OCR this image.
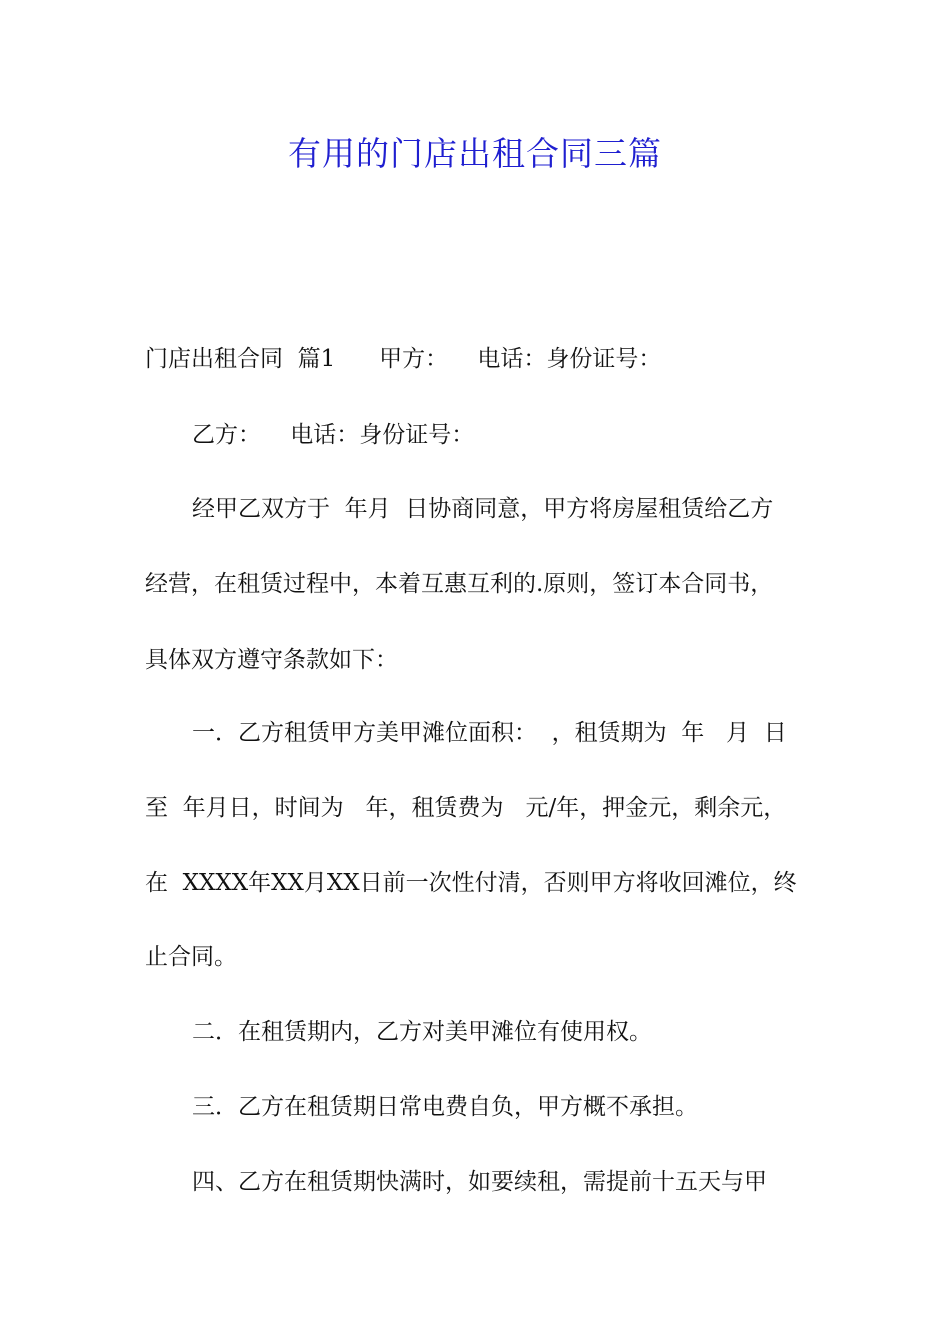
有用的门店出租合同三篇
门店出租合同  篇1      甲方：    电话：身份证号：
乙方：    电话：身份证号：
经甲乙双方于  年月  日协商同意，甲方将房屋租赁给乙方
经营，在租赁过程中，本着互惠互利的.原则，签订本合同书，
具体双方遵守条款如下：
一．乙方租赁甲方美甲滩位面积：  ，租赁期为  年   月  日
至  年月日，时间为   年，租赁费为   元/年，押金元，剩余元，
在  XXXX年XX月XX日前一次性付清，否则甲方将收回滩位，终
止合同。
二．在租赁期内，乙方对美甲滩位有使用权。
三．乙方在租赁期日常电费自负，甲方概不承担。
四、乙方在租赁期快满时，如要续租，需提前十五天与甲
